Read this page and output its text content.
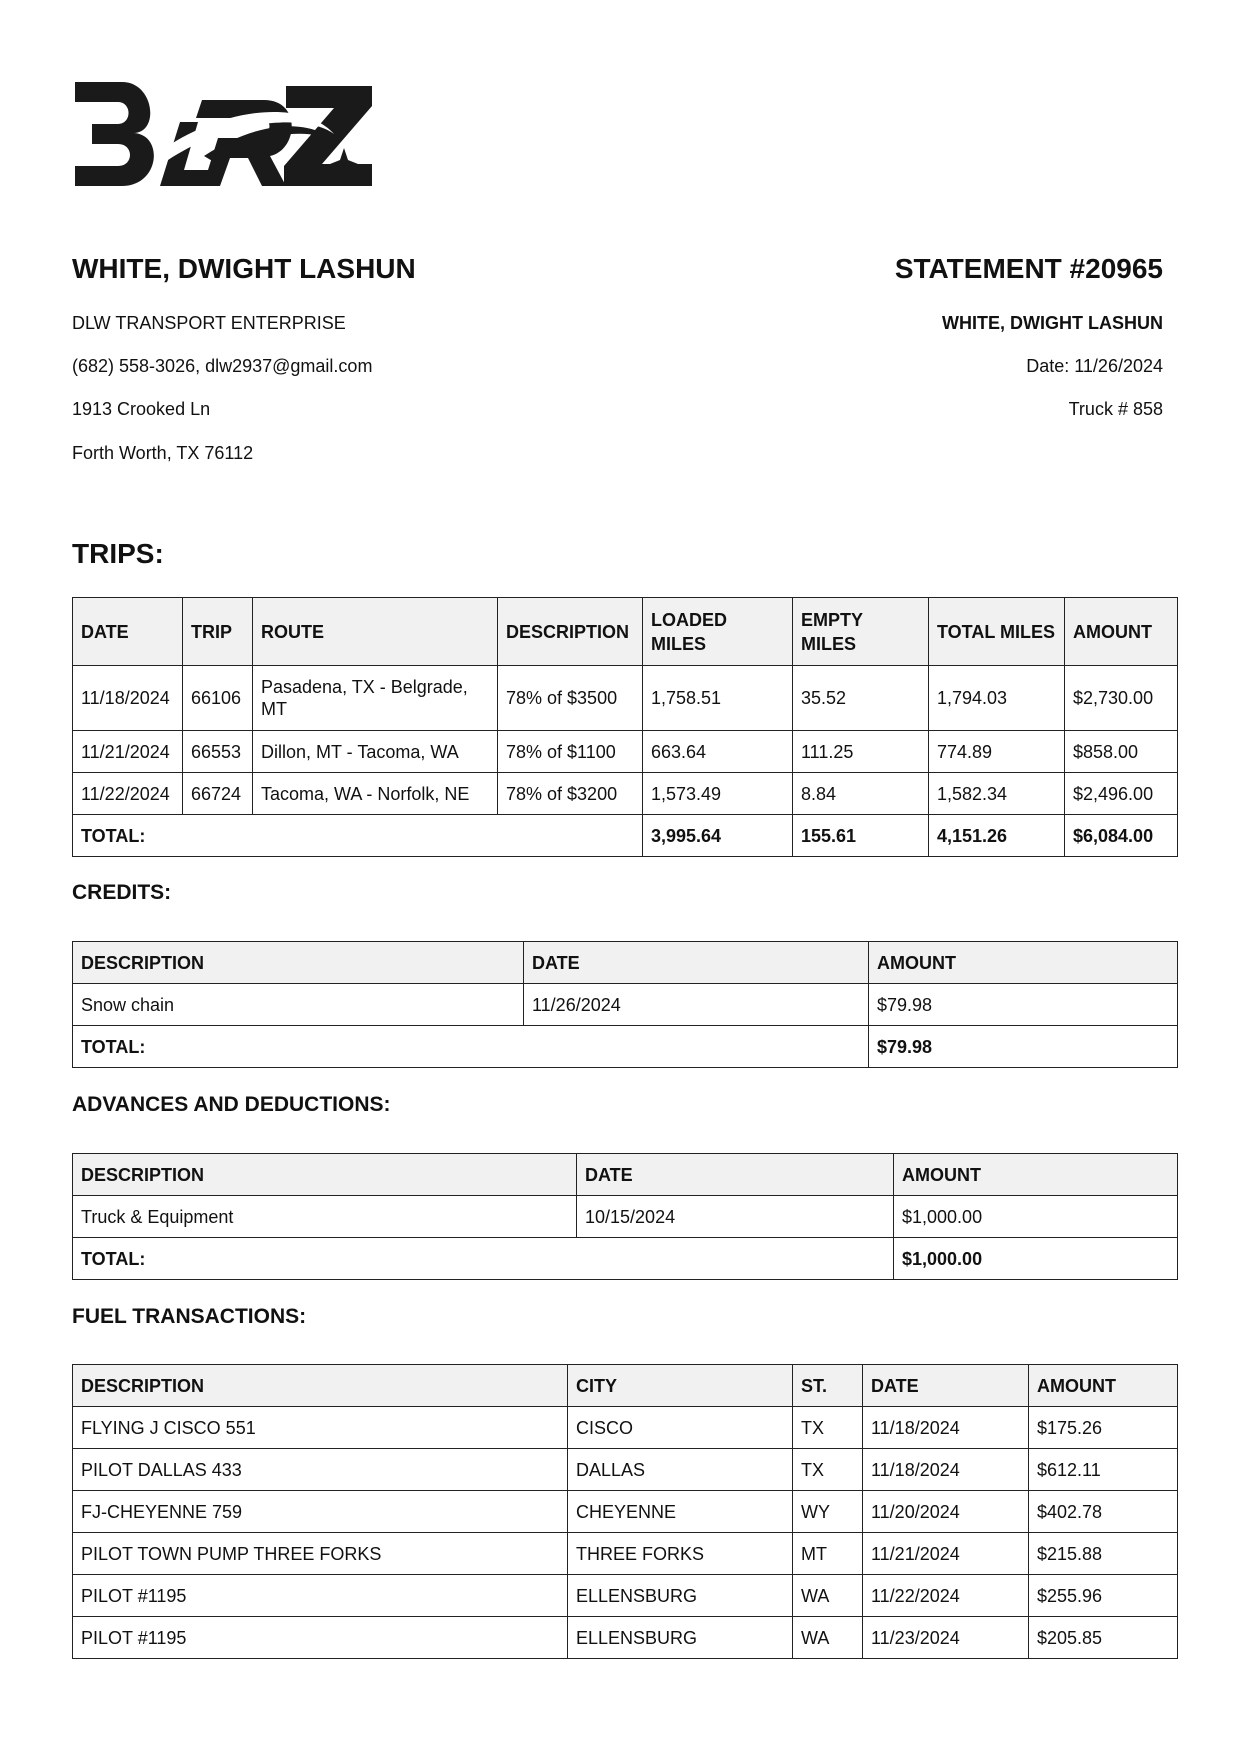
WHITE, DWIGHT LASHUN

DLW TRANSPORT ENTERPRISE

(682) 558-3026, dlw2937@gmail.com

1913 Crooked Ln

Forth Worth, TX 76112

STATEMENT #20965

WHITE, DWIGHT LASHUN

Date: 11/26/2024

Truck # 858

TRIPS:
DATE	TRIP	ROUTE	DESCRIPTION	LOADED MILES	EMPTY MILES	TOTAL MILES	AMOUNT
11/18/2024	66106	Pasadena, TX - Belgrade, MT	78% of $3500	1,758.51	35.52	1,794.03	$2,730.00
11/21/2024	66553	Dillon, MT - Tacoma, WA	78% of $1100	663.64	111.25	774.89	$858.00
11/22/2024	66724	Tacoma, WA - Norfolk, NE	78% of $3200	1,573.49	8.84	1,582.34	$2,496.00
TOTAL:				3,995.64	155.61	4,151.26	$6,084.00
CREDITS:
DESCRIPTION	DATE	AMOUNT
Snow chain	11/26/2024	$79.98
TOTAL:		$79.98
ADVANCES AND DEDUCTIONS:
DESCRIPTION	DATE	AMOUNT
Truck & Equipment	10/15/2024	$1,000.00
TOTAL:		$1,000.00
FUEL TRANSACTIONS:
DESCRIPTION	CITY	ST.	DATE	AMOUNT
FLYING J CISCO 551	CISCO	TX	11/18/2024	$175.26
PILOT DALLAS 433	DALLAS	TX	11/18/2024	$612.11
FJ-CHEYENNE 759	CHEYENNE	WY	11/20/2024	$402.78
PILOT TOWN PUMP THREE FORKS	THREE FORKS	MT	11/21/2024	$215.88
PILOT #1195	ELLENSBURG	WA	11/22/2024	$255.96
PILOT #1195	ELLENSBURG	WA	11/23/2024	$205.85
